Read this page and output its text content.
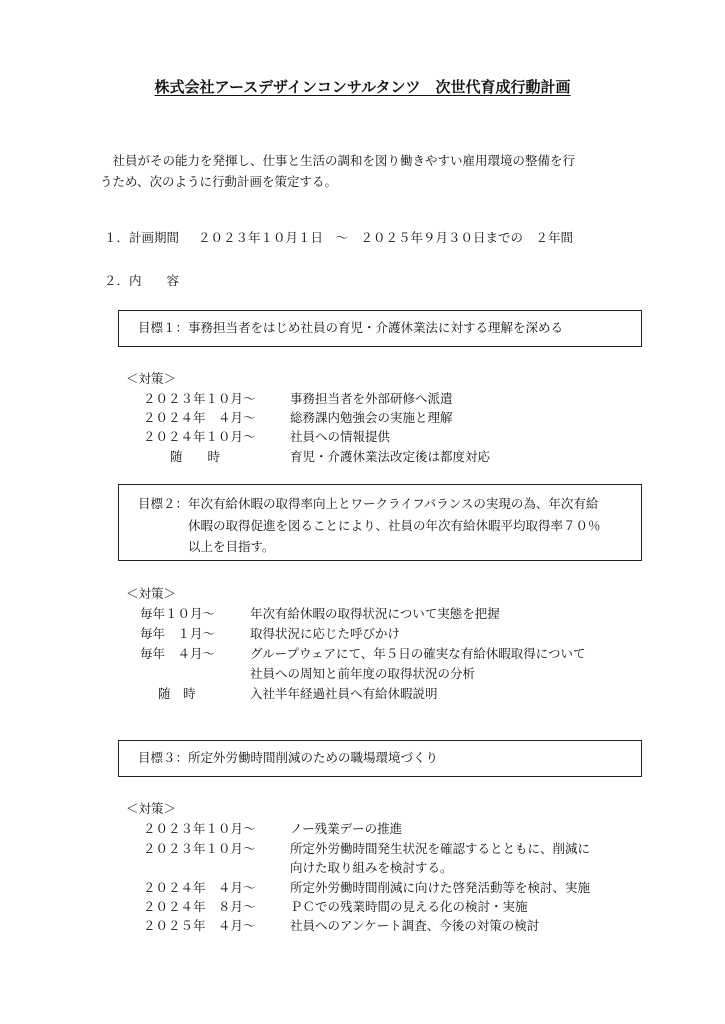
株式会社アースデザインコンサルタンツ　次世代育成行動計画
　社員がその能力を発揮し、仕事と生活の調和を図り働きやすい雇用環境の整備を行
うため、次のように行動計画を策定する。
１．計画期間 ２０２３年１０月１日　～　２０２５年９月３０日までの　２年間
２．内　　容
目標１： 事務担当者をはじめ社員の育児・介護休業法に対する理解を深める
＜対策＞
２０２３年１０月～	事務担当者を外部研修へ派遣
２０２４年　４月～	総務課内勉強会の実施と理解
２０２４年１０月～	社員への情報提供
随　　時	育児・介護休業法改定後は都度対応
目標２： 年次有給休暇の取得率向上とワークライフバランスの実現の為、年次有給
休暇の取得促進を図ることにより、社員の年次有給休暇平均取得率７０％
以上を目指す。
＜対策＞
毎年１０月～	年次有給休暇の取得状況について実態を把握
毎年　１月～	取得状況に応じた呼びかけ
毎年　４月～	グループウェアにて、年５日の確実な有給休暇取得について
社員への周知と前年度の取得状況の分析
随　時	入社半年経過社員へ有給休暇説明
目標３： 所定外労働時間削減のための職場環境づくり
＜対策＞
２０２３年１０月～	ノー残業デーの推進
２０２３年１０月～	所定外労働時間発生状況を確認するとともに、削減に
向けた取り組みを検討する。
２０２４年　４月～	所定外労働時間削減に向けた啓発活動等を検討、実施
２０２４年　８月～	ＰＣでの残業時間の見える化の検討・実施
２０２５年　４月～	社員へのアンケート調査、今後の対策の検討
